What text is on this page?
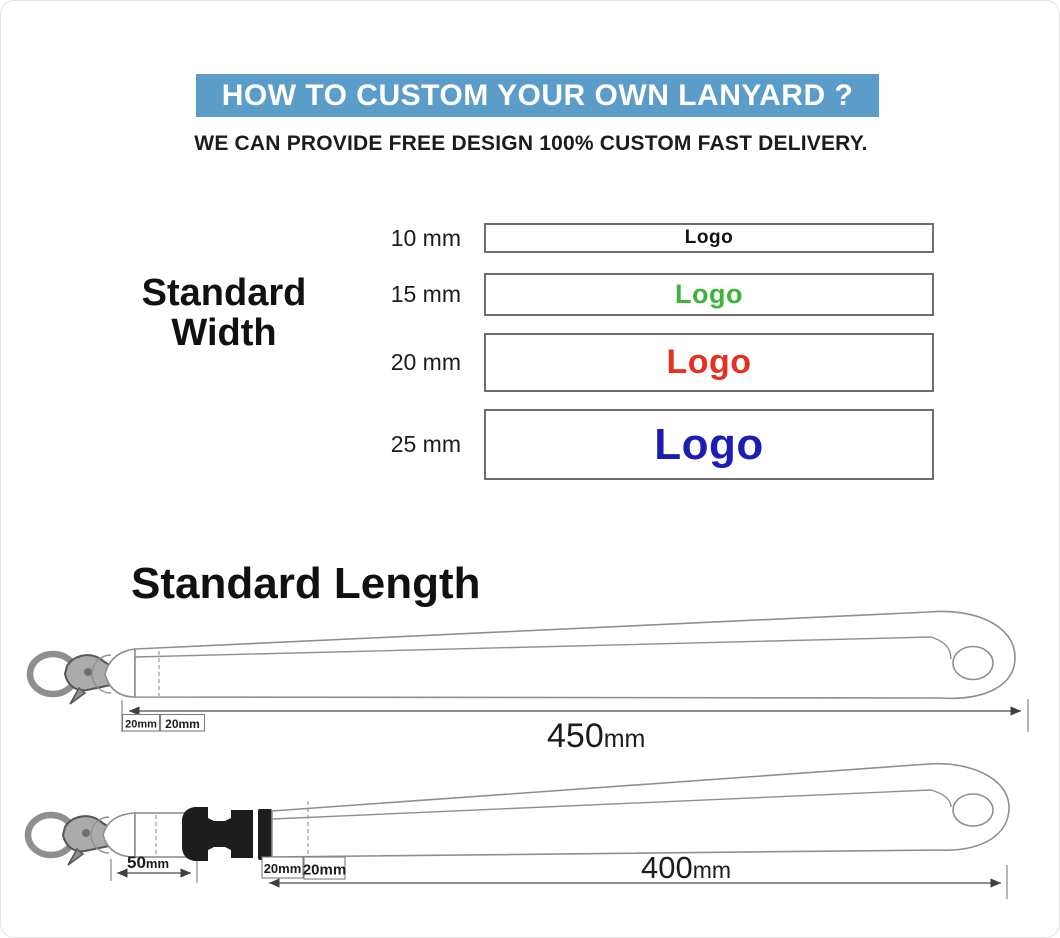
HOW TO CUSTOM YOUR OWN LANYARD ?
WE CAN PROVIDE FREE DESIGN 100% CUSTOM FAST DELIVERY.
Standard
Width
10 mm	Logo
15 mm	Logo
20 mm	Logo
25 mm	Logo
Standard Length
20mm 20mm	450mm
50mm	20mm 20mm	400mm
